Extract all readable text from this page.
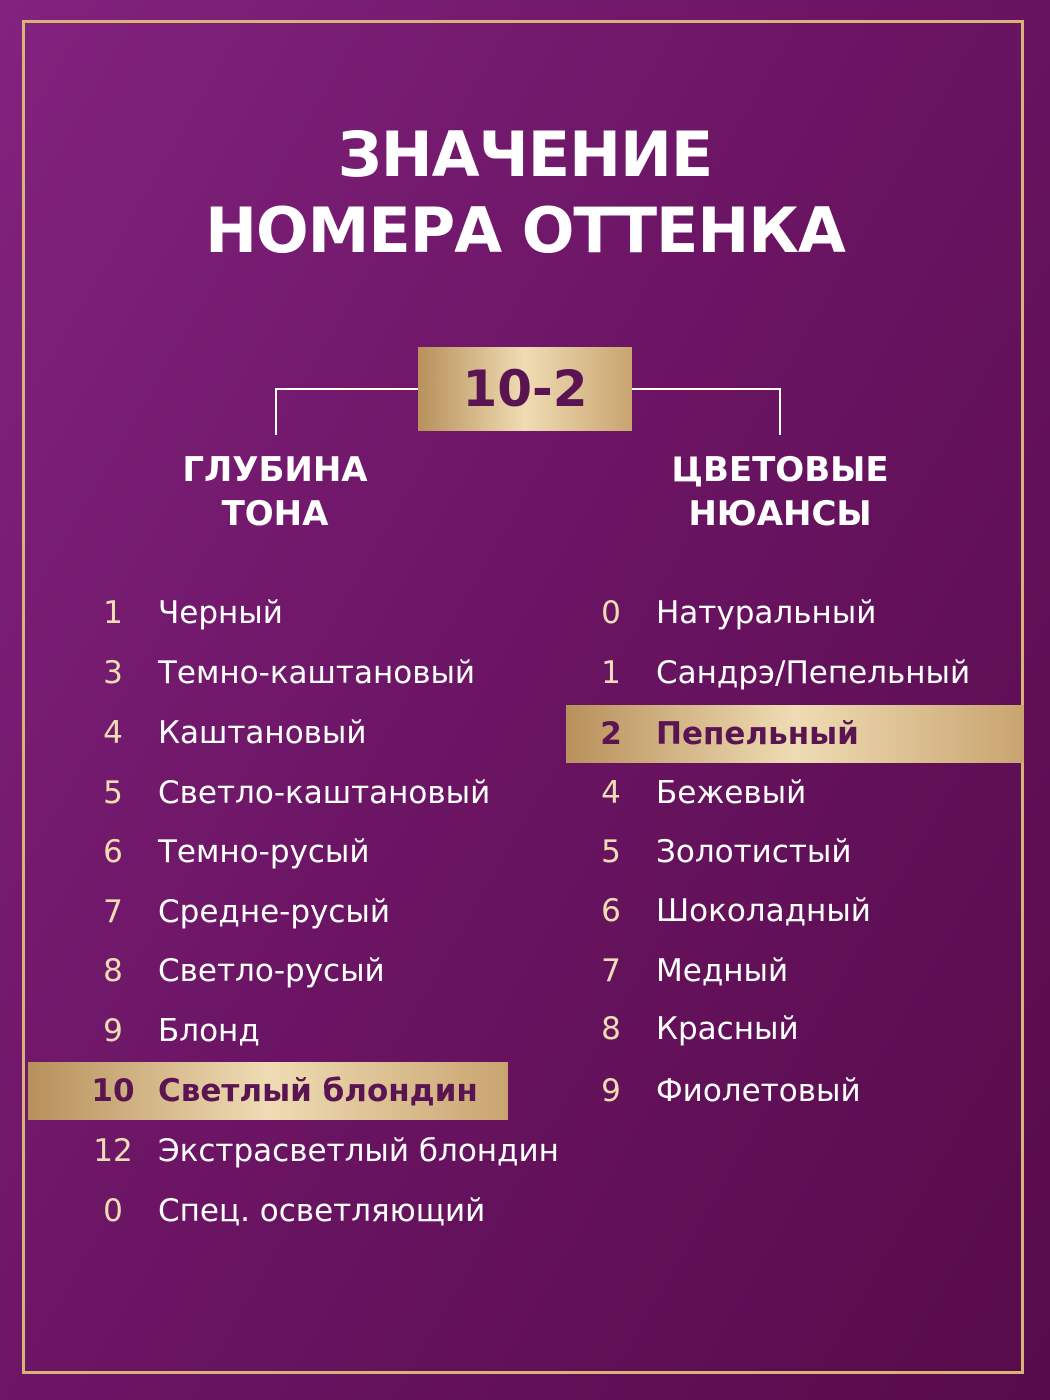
ЗНАЧЕНИЕ
НОМЕРА ОТТЕНКА
10-2
ГЛУБИНА
ТОНА
ЦВЕТОВЫЕ
НЮАНСЫ
1	Черный
3	Темно-каштановый
4	Каштановый
5	Светло-каштановый
6	Темно-русый
7	Средне-русый
8	Светло-русый
9	Блонд
10 Светлый блондин
12 Экстрасветлый блондин
0	Спец. осветляющий
0	Натуральный
1	Сандрэ/Пепельный
2	Пепельный
4	Бежевый
5	Золотистый
6	Шоколадный
7	Медный
8	Красный
9	Фиолетовый
